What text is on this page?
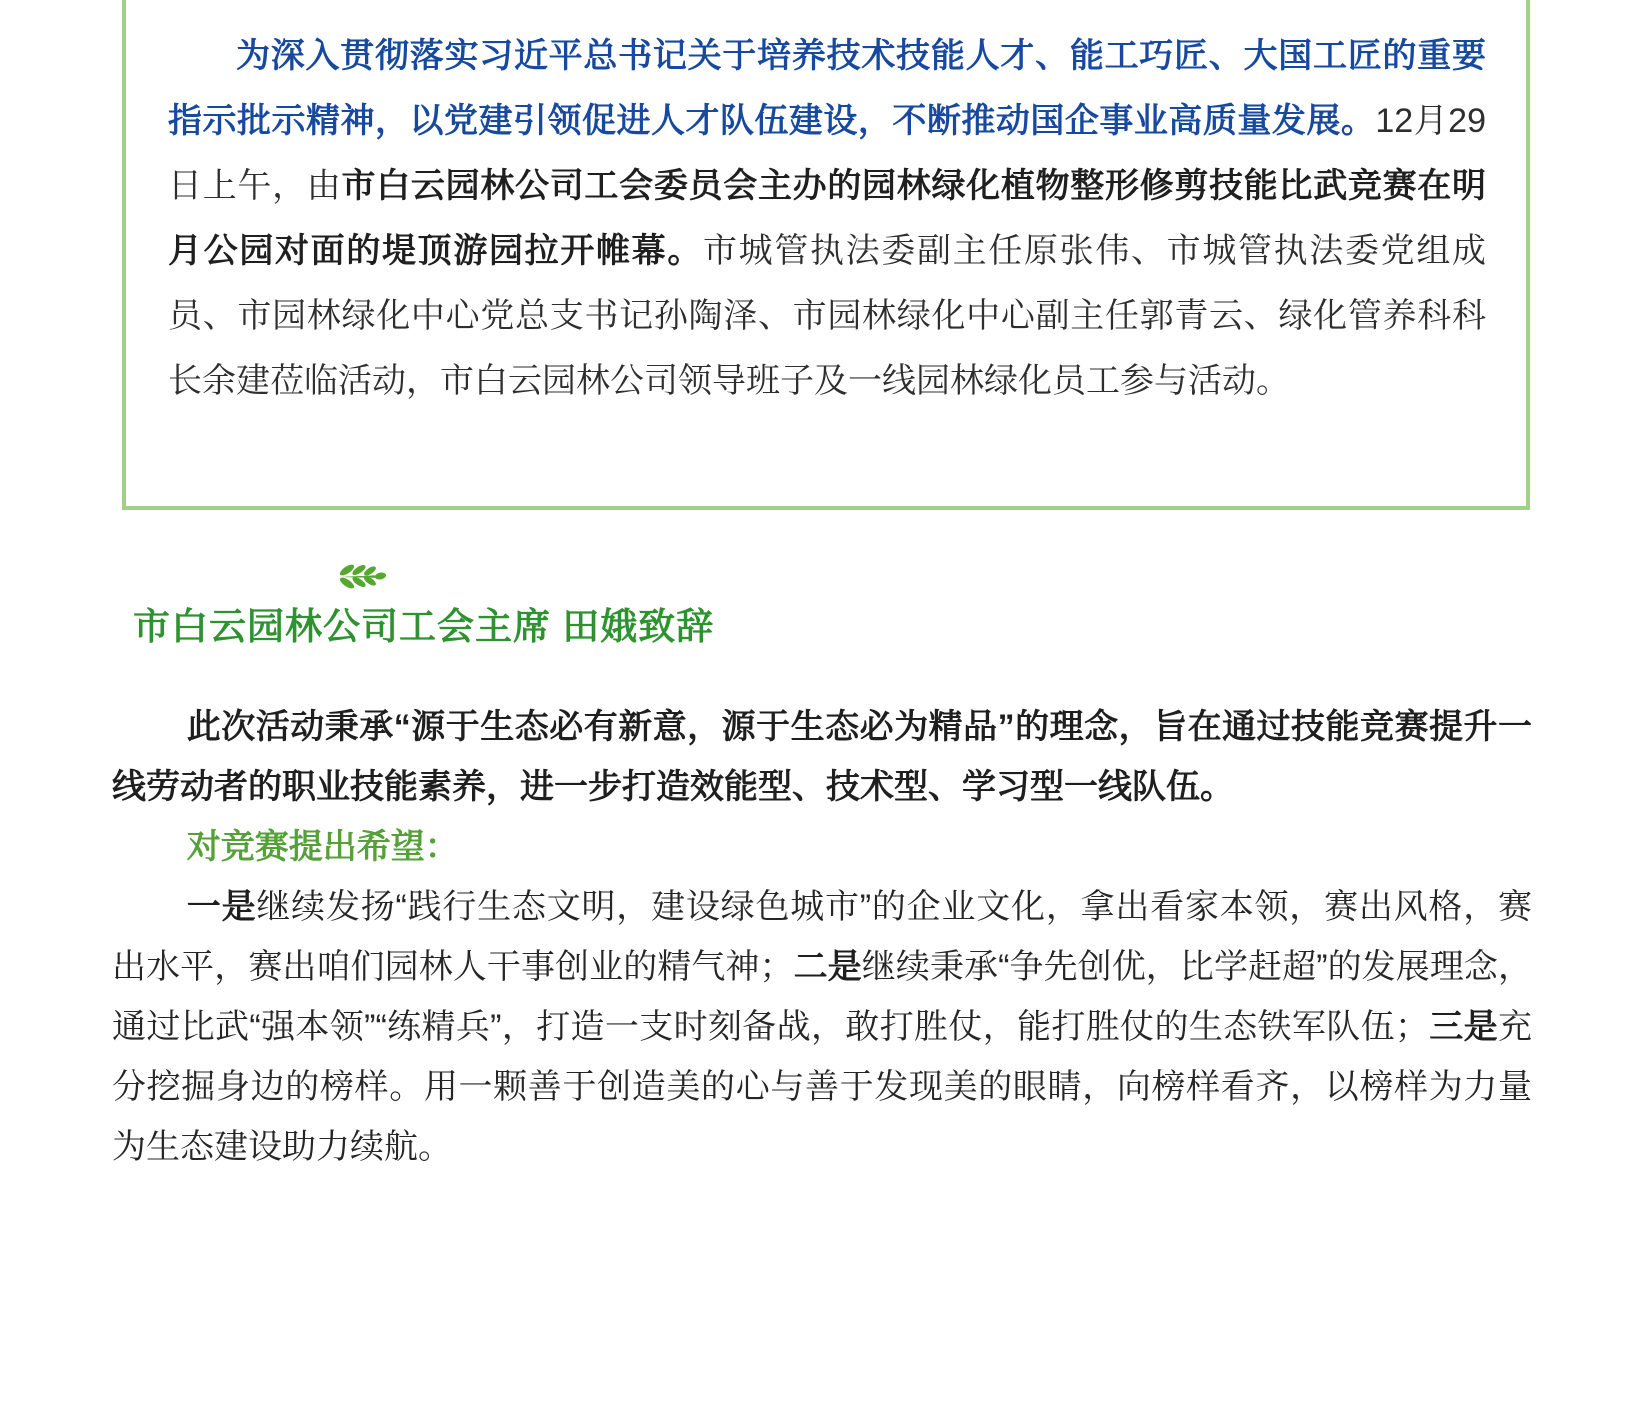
为深入贯彻落实习近平总书记关于培养技术技能人才、能工巧匠、大国工匠的重要指示批示精神，以党建引领促进人才队伍建设，不断推动国企事业高质量发展。12月29日上午，由市白云园林公司工会委员会主办的园林绿化植物整形修剪技能比武竞赛在明月公园对面的堤顶游园拉开帷幕。市城管执法委副主任原张伟、市城管执法委党组成员、市园林绿化中心党总支书记孙陶泽、市园林绿化中心副主任郭青云、绿化管养科科长余建莅临活动，市白云园林公司领导班子及一线园林绿化员工参与活动。

市白云园林公司工会主席 田娥致辞

此次活动秉承“源于生态必有新意，源于生态必为精品”的理念，旨在通过技能竞赛提升一线劳动者的职业技能素养，进一步打造效能型、技术型、学习型一线队伍。

对竞赛提出希望：

一是继续发扬“践行生态文明，建设绿色城市”的企业文化，拿出看家本领，赛出风格，赛出水平，赛出咱们园林人干事创业的精气神；二是继续秉承“争先创优，比学赶超”的发展理念，通过比武“强本领”“练精兵”，打造一支时刻备战，敢打胜仗，能打胜仗的生态铁军队伍；三是充分挖掘身边的榜样。用一颗善于创造美的心与善于发现美的眼睛，向榜样看齐，以榜样为力量为生态建设助力续航。
